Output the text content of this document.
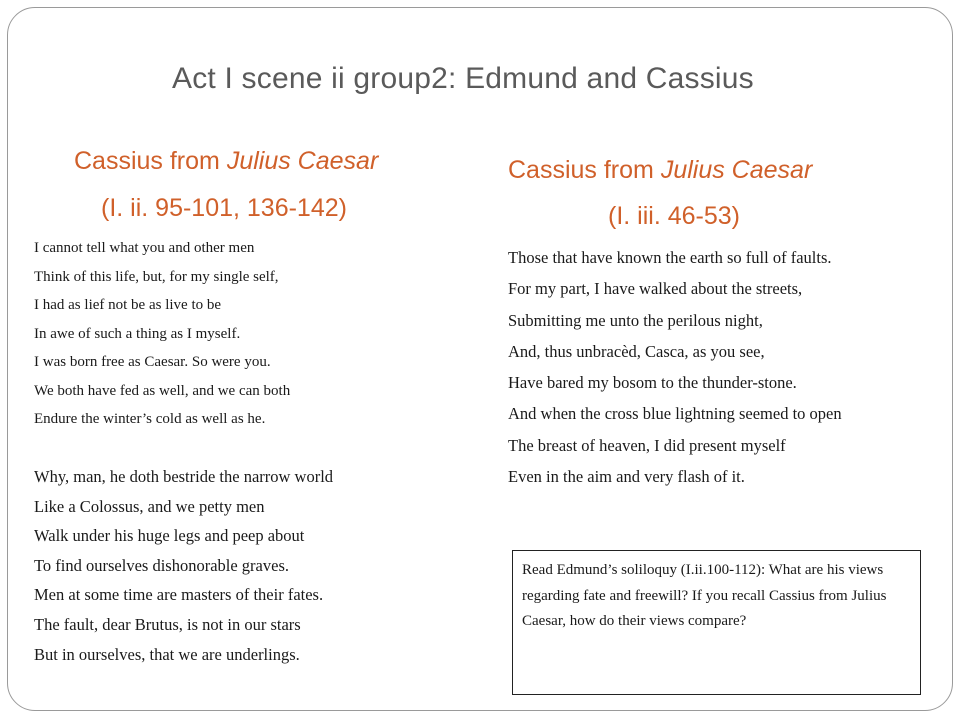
Act I scene ii group2: Edmund and Cassius
Cassius from Julius Caesar
(I. ii. 95-101, 136-142)
I cannot tell what you and other men
Think of this life, but, for my single self,
I had as lief not be as live to be
In awe of such a thing as I myself.
I was born free as Caesar. So were you.
We both have fed as well, and we can both
Endure the winter’s cold as well as he.
Why, man, he doth bestride the narrow world
Like a Colossus, and we petty men
Walk under his huge legs and peep about
To find ourselves dishonorable graves.
Men at some time are masters of their fates.
The fault, dear Brutus, is not in our stars
But in ourselves, that we are underlings.
Cassius from Julius Caesar
(I. iii. 46-53)
Those that have known the earth so full of faults.
For my part, I have walked about the streets,
Submitting me unto the perilous night,
And, thus unbracèd, Casca, as you see,
Have bared my bosom to the thunder-stone.
And when the cross blue lightning seemed to open
The breast of heaven, I did present myself
Even in the aim and very flash of it.
Read Edmund’s soliloquy (I.ii.100-112): What are his views regarding fate and freewill? If you recall Cassius from Julius Caesar, how do their views compare?
